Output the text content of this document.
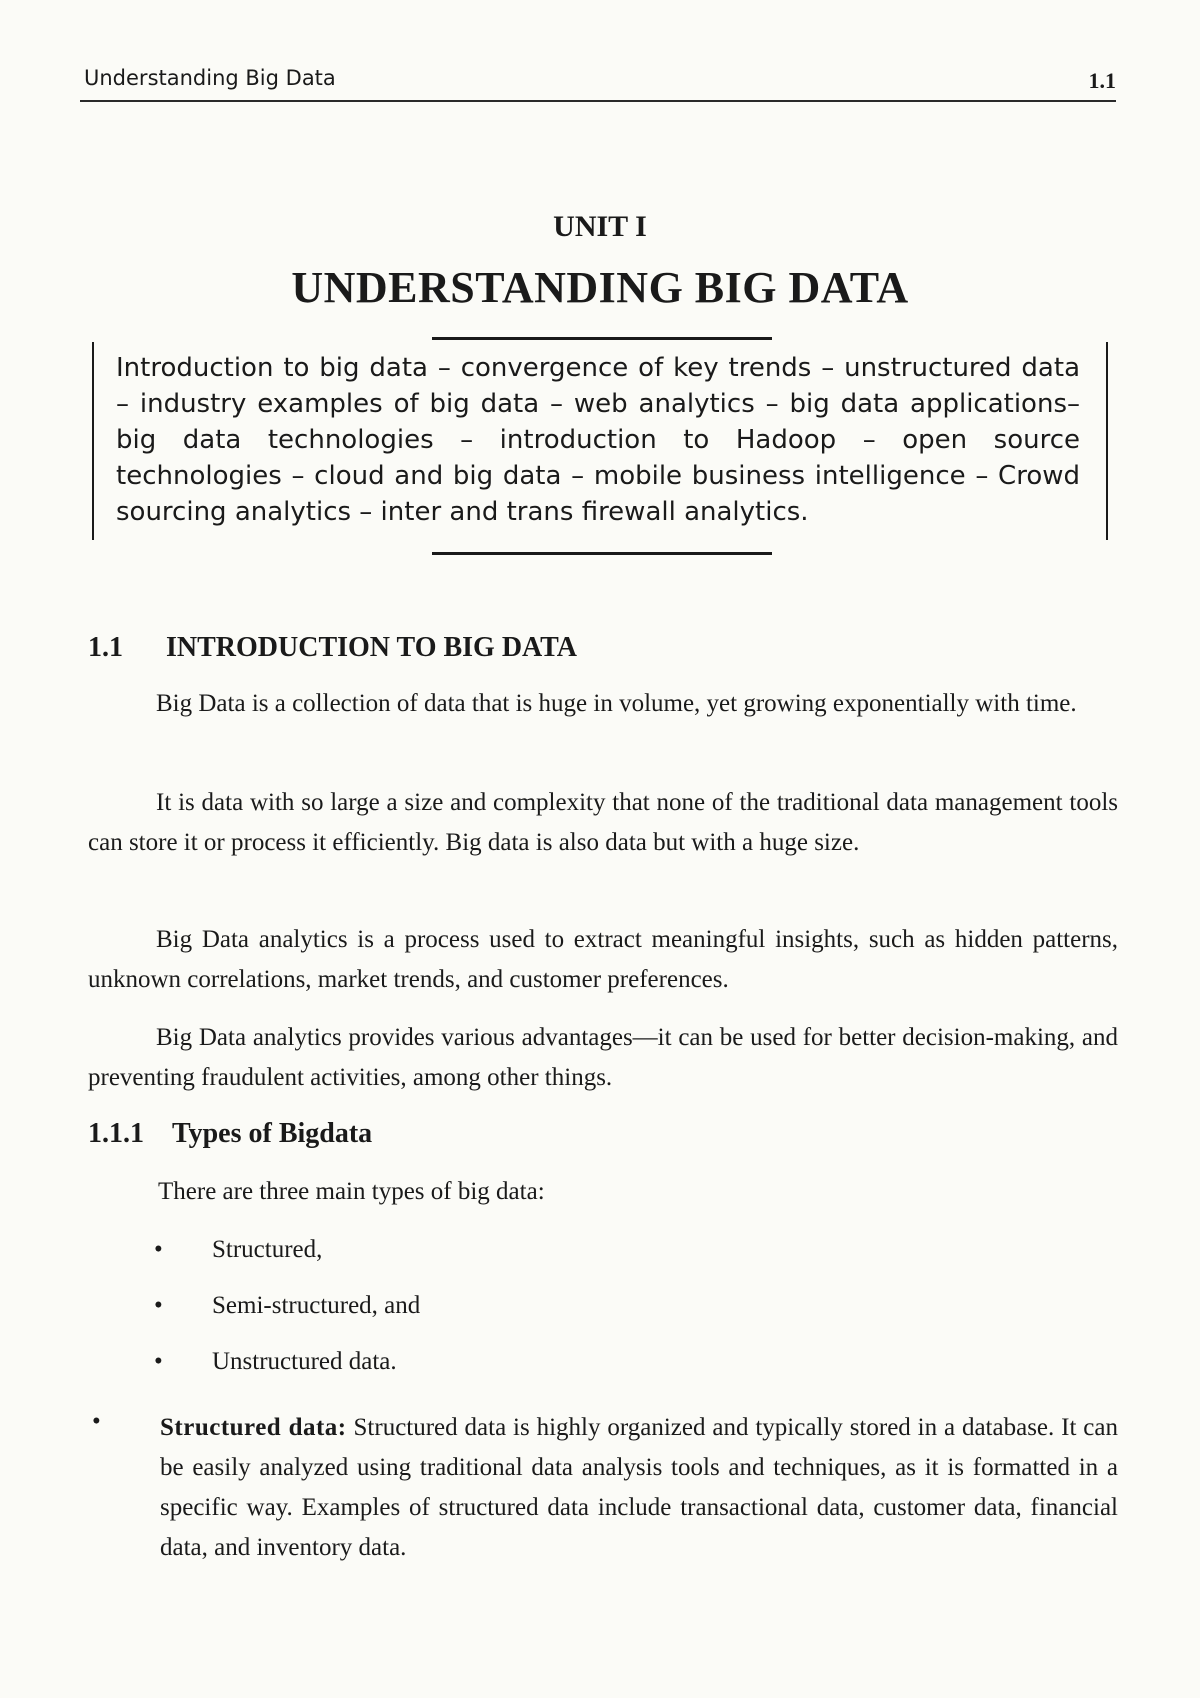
Understanding Big Data	1.1
UNIT I
UNDERSTANDING BIG DATA
Introduction to big data – convergence of key trends – unstructured data – industry examples of big data – web analytics – big data applications– big data technologies – introduction to Hadoop – open source technologies – cloud and big data – mobile business intelligence – Crowd sourcing analytics – inter and trans firewall analytics.
1.1 INTRODUCTION TO BIG DATA

Big Data is a collection of data that is huge in volume, yet growing exponentially with time.

It is data with so large a size and complexity that none of the traditional data management tools can store it or process it efficiently. Big data is also data but with a huge size.

Big Data analytics is a process used to extract meaningful insights, such as hidden patterns, unknown correlations, market trends, and customer preferences.

Big Data analytics provides various advantages—it can be used for better decision-making, and preventing fraudulent activities, among other things.

1.1.1 Types of Bigdata
There are three main types of big data:
• Structured,
• Semi-structured, and
• Unstructured data.
• Structured data: Structured data is highly organized and typically stored in a database. It can be easily analyzed using traditional data analysis tools and techniques, as it is formatted in a specific way. Examples of structured data include transactional data, customer data, financial data, and inventory data.
